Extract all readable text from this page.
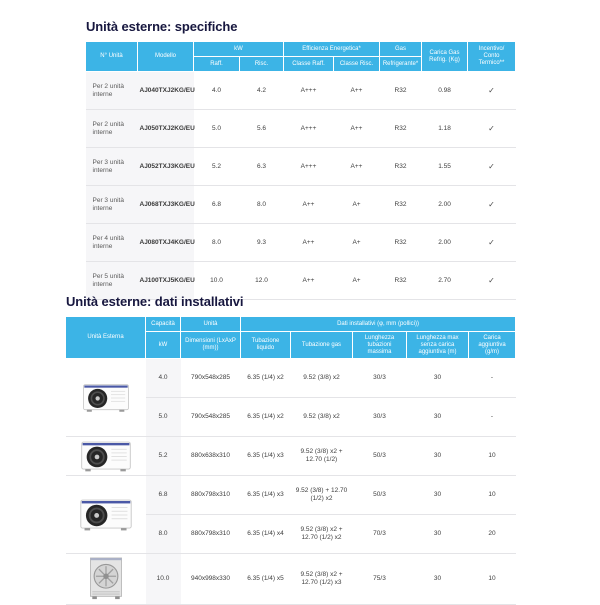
Unità esterne: specifiche
N° Unità	Modello	kW		Efficienza Energetica*		Gas	Carica Gas Refrig. (Kg)	Incentivo/ Conto Termico**
		Raff.	Risc.	Classe Raff.	Classe Risc.	Refrigerante*		
Per 2 unità interne	AJ040TXJ2KG/EU	4.0	4.2	A+++	A++	R32	0.98	✓
Per 2 unità interne	AJ050TXJ2KG/EU	5.0	5.6	A+++	A++	R32	1.18	✓
Per 3 unità interne	AJ052TXJ3KG/EU	5.2	6.3	A+++	A++	R32	1.55	✓
Per 3 unità interne	AJ068TXJ3KG/EU	6.8	8.0	A++	A+	R32	2.00	✓
Per 4 unità interne	AJ080TXJ4KG/EU	8.0	9.3	A++	A+	R32	2.00	✓
Per 5 unità interne	AJ100TXJ5KG/EU	10.0	12.0	A++	A+	R32	2.70	✓
Unità esterne: dati installativi
Unità Esterna	Capacità	Unità	Dati installativi (φ, mm (pollici))				
	kW	Dimensioni (LxAxP (mm))	Tubazione liquido	Tubazione gas	Lunghezza tubazioni massima	Lunghezza max senza carica aggiuntiva (m)	Carica aggiuntiva (g/m)

	4.0	790x548x285	6.35 (1/4) x2	9.52 (3/8) x2	30/3	30	-
	5.0	790x548x285	6.35 (1/4) x2	9.52 (3/8) x2	30/3	30	-

	5.2	880x638x310	6.35 (1/4) x3	9.52 (3/8) x2 + 12.70 (1/2)	50/3	30	10

	6.8	880x798x310	6.35 (1/4) x3	9.52 (3/8) + 12.70 (1/2) x2	50/3	30	10
	8.0	880x798x310	6.35 (1/4) x4	9.52 (3/8) x2 + 12.70 (1/2) x2	70/3	30	20

	10.0	940x998x330	6.35 (1/4) x5	9.52 (3/8) x2 + 12.70 (1/2) x3	75/3	30	10
